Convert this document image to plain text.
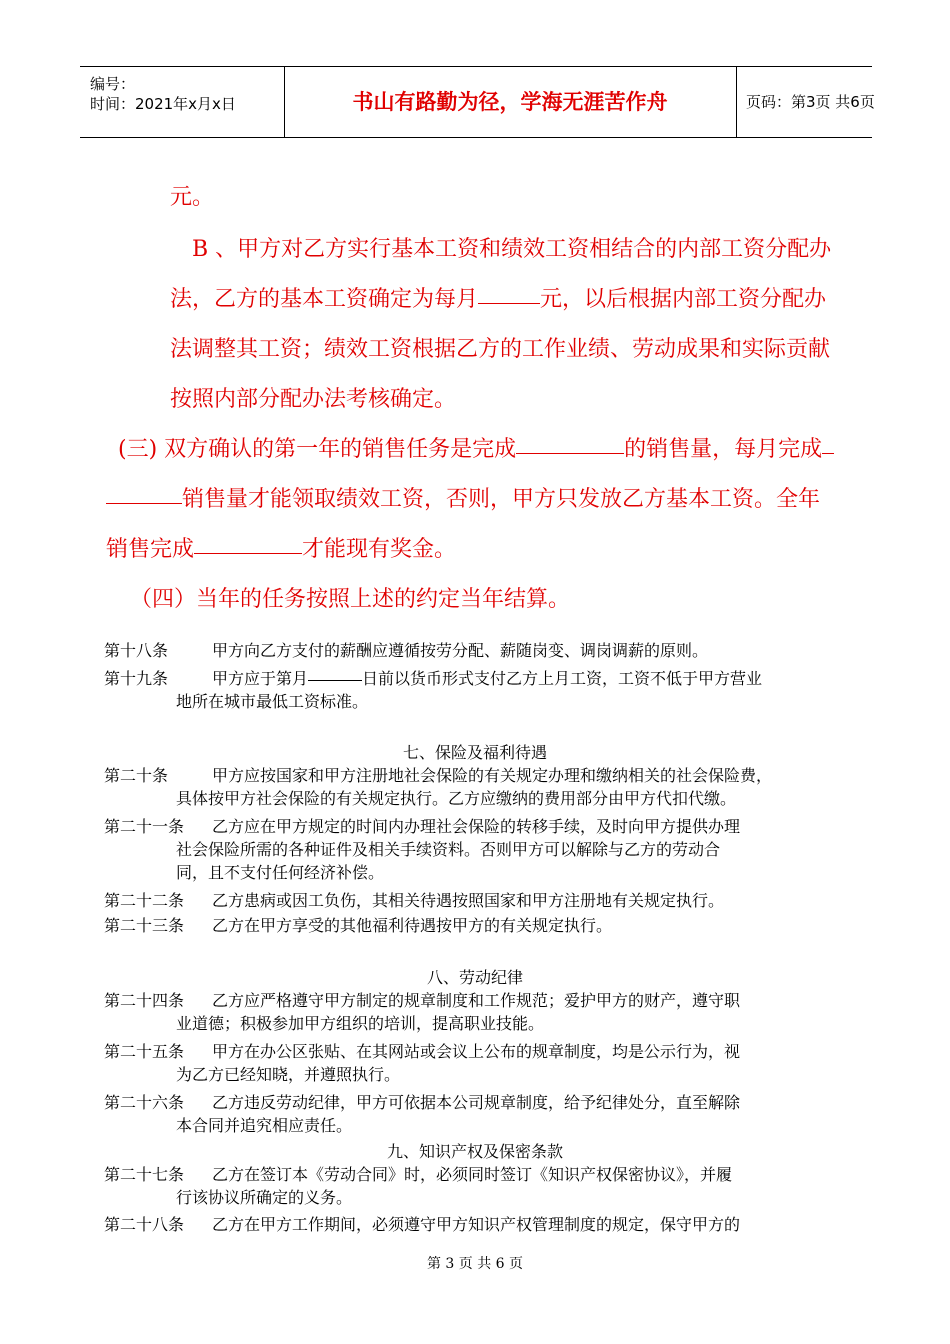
编号：
时间：2021年x月x日	书山有路勤为径，学海无涯苦作舟	页码：第3页 共6页
元。
B 、甲方对乙方实行基本工资和绩效工资相结合的内部工资分配办
法，乙方的基本工资确定为每月	元，以后根据内部工资分配办
法调整其工资；绩效工资根据乙方的工作业绩、劳动成果和实际贡献
按照内部分配办法考核确定。
(三) 双方确认的第一年的销售任务是完成	的销售量，每月完成
销售量才能领取绩效工资，否则，甲方只发放乙方基本工资。全年
销售完成	才能现有奖金。
（四）当年的任务按照上述的约定当年结算。
第十八条	甲方向乙方支付的薪酬应遵循按劳分配、薪随岗变、调岗调薪的原则。
第十九条	甲方应于第月	日前以货币形式支付乙方上月工资，工资不低于甲方营业
地所在城市最低工资标准。
七、保险及福利待遇
第二十条	甲方应按国家和甲方注册地社会保险的有关规定办理和缴纳相关的社会保险费，
具体按甲方社会保险的有关规定执行。乙方应缴纳的费用部分由甲方代扣代缴。
第二十一条 乙方应在甲方规定的时间内办理社会保险的转移手续，及时向甲方提供办理
社会保险所需的各种证件及相关手续资料。否则甲方可以解除与乙方的劳动合
同，且不支付任何经济补偿。
第二十二条 乙方患病或因工负伤，其相关待遇按照国家和甲方注册地有关规定执行。
第二十三条 乙方在甲方享受的其他福利待遇按甲方的有关规定执行。
八、劳动纪律
第二十四条 乙方应严格遵守甲方制定的规章制度和工作规范；爱护甲方的财产，遵守职
业道德；积极参加甲方组织的培训，提高职业技能。
第二十五条 甲方在办公区张贴、在其网站或会议上公布的规章制度，均是公示行为，视
为乙方已经知晓，并遵照执行。
第二十六条 乙方违反劳动纪律，甲方可依据本公司规章制度，给予纪律处分，直至解除
本合同并追究相应责任。
九、知识产权及保密条款
第二十七条 乙方在签订本《劳动合同》时，必须同时签订《知识产权保密协议》，并履
行该协议所确定的义务。
第二十八条 乙方在甲方工作期间，必须遵守甲方知识产权管理制度的规定，保守甲方的
第 3 页 共 6 页
